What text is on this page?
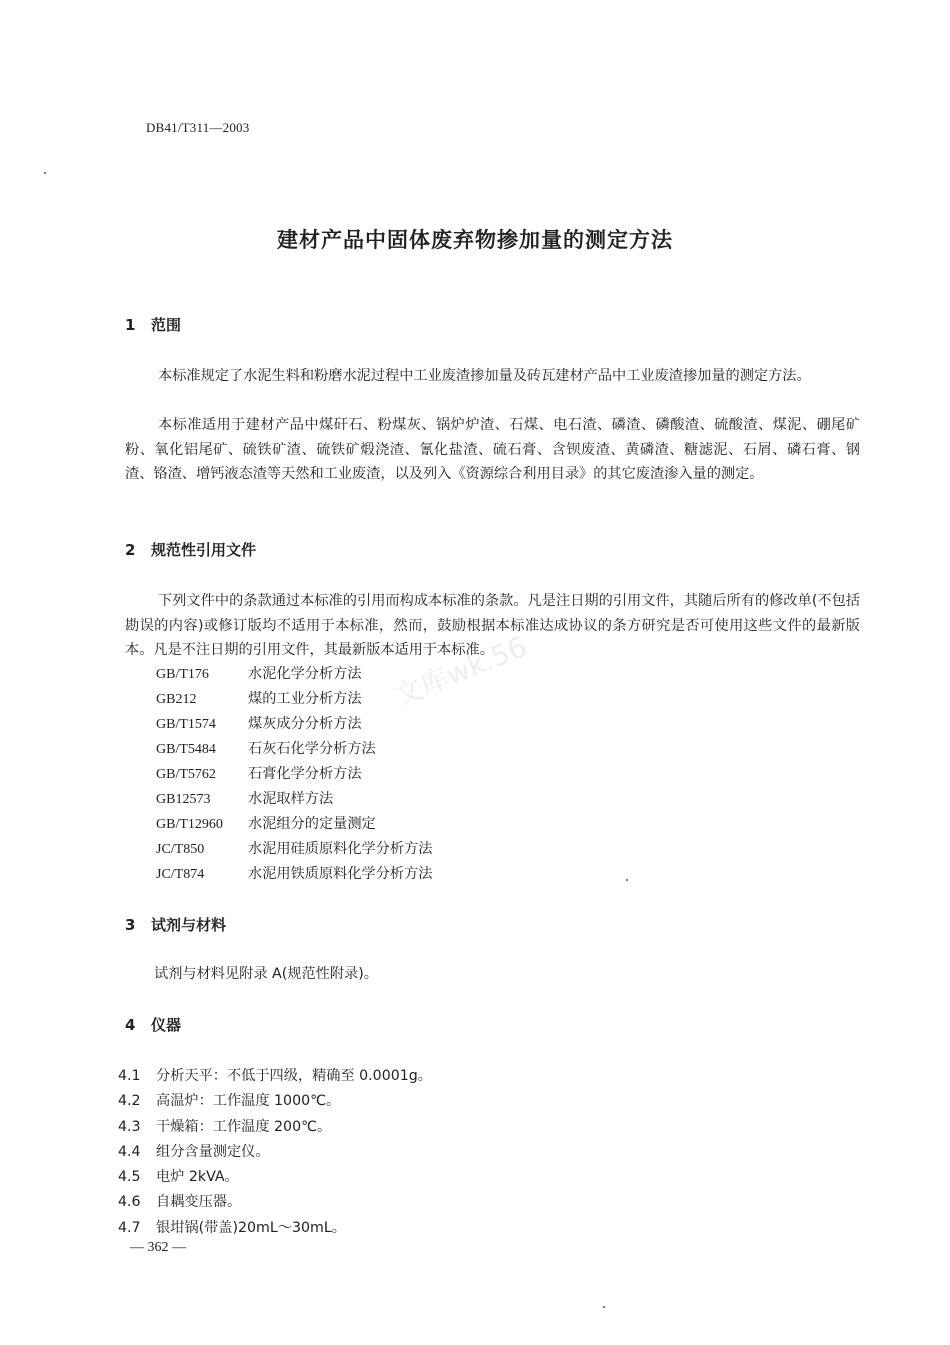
文库wk.56
DB41/T311—2003
建材产品中固体废弃物掺加量的测定方法
1 范围
本标准规定了水泥生料和粉磨水泥过程中工业废渣掺加量及砖瓦建材产品中工业废渣掺加量的测定方法。
本标准适用于建材产品中煤矸石、粉煤灰、锅炉炉渣、石煤、电石渣、磷渣、磷酸渣、硫酸渣、煤泥、硼尾矿粉、氧化铝尾矿、硫铁矿渣、硫铁矿煅浇渣、氰化盐渣、硫石膏、含钡废渣、黄磷渣、糖滤泥、石屑、磷石膏、钢渣、铬渣、增钙液态渣等天然和工业废渣，以及列入《资源综合利用目录》的其它废渣渗入量的测定。
2 规范性引用文件
下列文件中的条款通过本标准的引用而构成本标准的条款。凡是注日期的引用文件，其随后所有的修改单(不包括勘误的内容)或修订版均不适用于本标准，然而，鼓励根据本标准达成协议的条方研究是否可使用这些文件的最新版本。凡是不注日期的引用文件，其最新版本适用于本标准。
GB/T176	水泥化学分析方法
GB212	煤的工业分析方法
GB/T1574 煤灰成分分析方法
GB/T5484 石灰石化学分析方法
GB/T5762 石膏化学分析方法
GB12573	水泥取样方法
GB/T12960 水泥组分的定量测定
JC/T850	水泥用硅质原料化学分析方法
JC/T874	水泥用铁质原料化学分析方法
3 试剂与材料
试剂与材料见附录 A(规范性附录)。
4 仪器
4.1 分析天平：不低于四级，精确至 0.0001g。
4.2 高温炉：工作温度 1000℃。
4.3 干燥箱：工作温度 200℃。
4.4 组分含量测定仪。
4.5 电炉 2kVA。
4.6 自耦变压器。
4.7 银坩锅(带盖)20mL～30mL。
— 362 —
